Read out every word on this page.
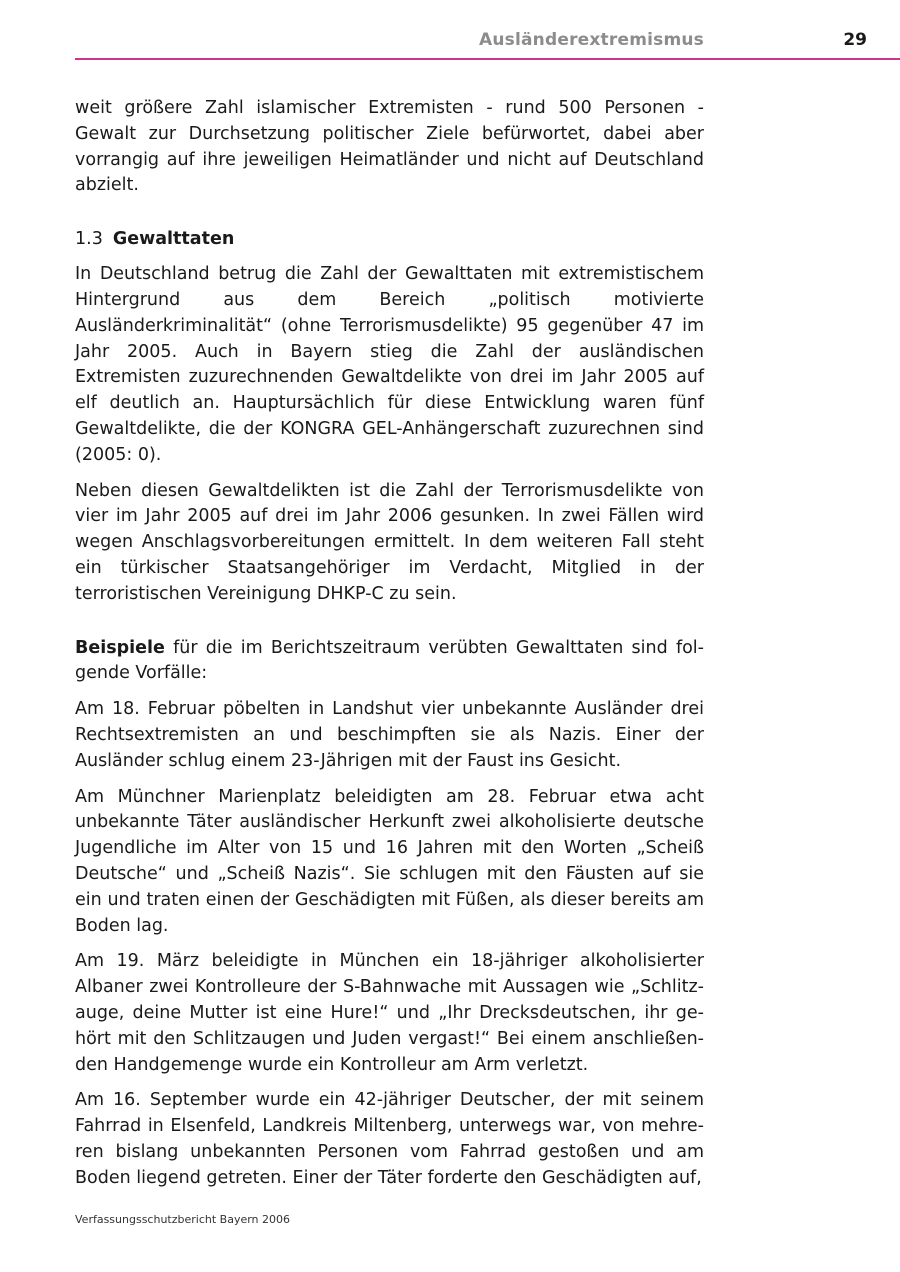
Ausländerextremismus	29

weit größere Zahl islamischer Extremisten - rund 500 Personen - Gewalt zur Durchsetzung politischer Ziele befürwortet, dabei aber vorrangig auf ihre jeweiligen Heimatländer und nicht auf Deutschland abzielt.

1.3 Gewalttaten

In Deutschland betrug die Zahl der Gewalttaten mit extremistischem Hintergrund aus dem Bereich „politisch motivierte Ausländerkriminalität“ (ohne Terrorismusdelikte) 95 gegenüber 47 im Jahr 2005. Auch in Bayern stieg die Zahl der ausländischen Extremisten zuzurechnenden Gewaltdelikte von drei im Jahr 2005 auf elf deutlich an. Hauptursächlich für diese Entwicklung waren fünf Gewaltdelikte, die der KONGRA GEL-Anhängerschaft zuzurechnen sind (2005: 0).

Neben diesen Gewaltdelikten ist die Zahl der Terrorismusdelikte von vier im Jahr 2005 auf drei im Jahr 2006 gesunken. In zwei Fällen wird wegen Anschlagsvorbereitungen ermittelt. In dem weiteren Fall steht ein türkischer Staatsangehöriger im Verdacht, Mitglied in der terroristischen Vereinigung DHKP-C zu sein.

Beispiele für die im Berichtszeitraum verübten Gewalttaten sind folgende Vorfälle:

Am 18. Februar pöbelten in Landshut vier unbekannte Ausländer drei Rechtsextremisten an und beschimpften sie als Nazis. Einer der Ausländer schlug einem 23-Jährigen mit der Faust ins Gesicht.

Am Münchner Marienplatz beleidigten am 28. Februar etwa acht unbekannte Täter ausländischer Herkunft zwei alkoholisierte deutsche Jugendliche im Alter von 15 und 16 Jahren mit den Worten „Scheiß Deutsche“ und „Scheiß Nazis“. Sie schlugen mit den Fäusten auf sie ein und traten einen der Geschädigten mit Füßen, als dieser bereits am Boden lag.

Am 19. März beleidigte in München ein 18-jähriger alkoholisierter Albaner zwei Kontrolleure der S-Bahnwache mit Aussagen wie „Schlitzauge, deine Mutter ist eine Hure!“ und „Ihr Drecksdeutschen, ihr gehört mit den Schlitzaugen und Juden vergast!“ Bei einem anschließenden Handgemenge wurde ein Kontrolleur am Arm verletzt.

Am 16. September wurde ein 42-jähriger Deutscher, der mit seinem Fahrrad in Elsenfeld, Landkreis Miltenberg, unterwegs war, von mehreren bislang unbekannten Personen vom Fahrrad gestoßen und am Boden liegend getreten. Einer der Täter forderte den Geschädigten auf,

Verfassungsschutzbericht Bayern 2006
